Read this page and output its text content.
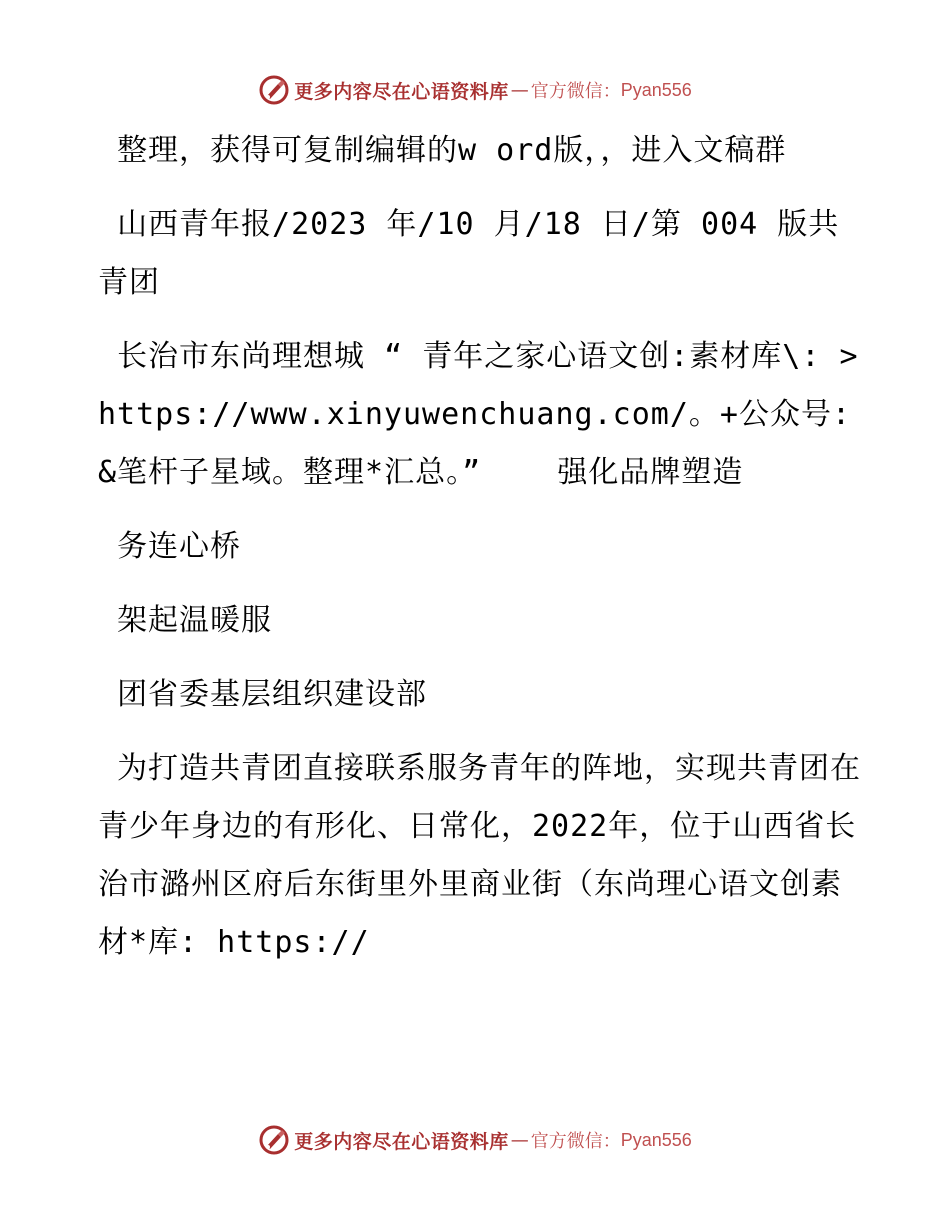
更多内容尽在心语资料库 — 官方微信： Pyan556

整理，获得可复制编辑的w ord版，，进入文稿群

山西青年报/2023 年/10 月/18 日/第 004 版共青团

长治市东尚理想城 “ 青年之家心语文创:素材库\: >https://www.xinyuwenchuang.com/。+公众号: &笔杆子星域。整理*汇总。”    强化品牌塑造

务连心桥

架起温暖服

团省委基层组织建设部

为打造共青团直接联系服务青年的阵地，实现共青团在青少年身边的有形化、日常化，2022年，位于山西省长治市潞州区府后东街里外里商业街（东尚理心语文创素材*库: https://

更多内容尽在心语资料库 — 官方微信： Pyan556
